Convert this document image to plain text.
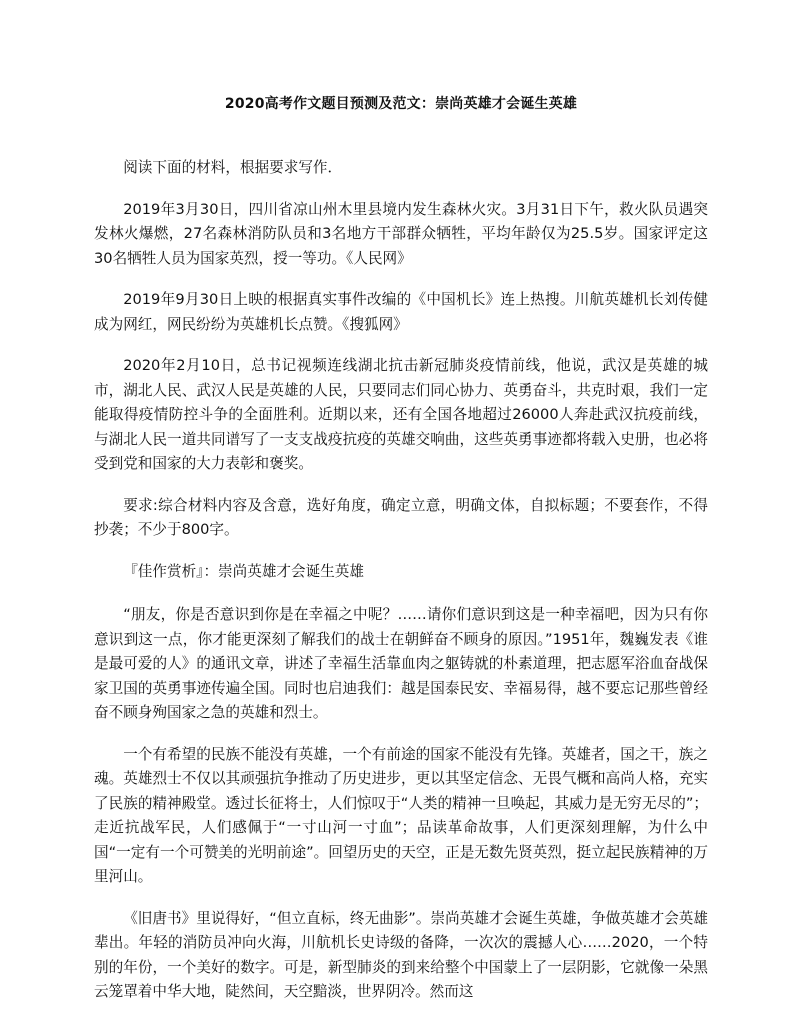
2020高考作文题目预测及范文：崇尚英雄才会诞生英雄

阅读下面的材料，根据要求写作．

2019年3月30日，四川省凉山州木里县境内发生森林火灾。3月31日下午，救火队员遇突发林火爆燃，27名森林消防队员和3名地方干部群众牺牲，平均年龄仅为25.5岁。国家评定这30名牺牲人员为国家英烈，授一等功。《人民网》

2019年9月30日上映的根据真实事件改编的《中国机长》连上热搜。川航英雄机长刘传健成为网红，网民纷纷为英雄机长点赞。《搜狐网》

2020年2月10日，总书记视频连线湖北抗击新冠肺炎疫情前线，他说，武汉是英雄的城市，湖北人民、武汉人民是英雄的人民，只要同志们同心协力、英勇奋斗，共克时艰，我们一定能取得疫情防控斗争的全面胜利。近期以来，还有全国各地超过26000人奔赴武汉抗疫前线，与湖北人民一道共同谱写了一支支战疫抗疫的英雄交响曲，这些英勇事迹都将载入史册，也必将受到党和国家的大力表彰和褒奖。

要求:综合材料内容及含意，选好角度，确定立意，明确文体，自拟标题；不要套作，不得抄袭；不少于800字。

『佳作赏析』：崇尚英雄才会诞生英雄

“朋友，你是否意识到你是在幸福之中呢？……请你们意识到这是一种幸福吧，因为只有你意识到这一点，你才能更深刻了解我们的战士在朝鲜奋不顾身的原因。”1951年，魏巍发表《谁是最可爱的人》的通讯文章，讲述了幸福生活靠血肉之躯铸就的朴素道理，把志愿军浴血奋战保家卫国的英勇事迹传遍全国。同时也启迪我们：越是国泰民安、幸福易得，越不要忘记那些曾经奋不顾身殉国家之急的英雄和烈士。

一个有希望的民族不能没有英雄，一个有前途的国家不能没有先锋。英雄者，国之干，族之魂。英雄烈士不仅以其顽强抗争推动了历史进步，更以其坚定信念、无畏气概和高尚人格，充实了民族的精神殿堂。透过长征将士，人们惊叹于“人类的精神一旦唤起，其威力是无穷无尽的”；走近抗战军民，人们感佩于“一寸山河一寸血”；品读革命故事，人们更深刻理解，为什么中国“一定有一个可赞美的光明前途”。回望历史的天空，正是无数先贤英烈，挺立起民族精神的万里河山。

《旧唐书》里说得好，“但立直标，终无曲影”。崇尚英雄才会诞生英雄，争做英雄才会英雄辈出。年轻的消防员冲向火海，川航机长史诗级的备降，一次次的震撼人心……2020，一个特别的年份，一个美好的数字。可是，新型肺炎的到来给整个中国蒙上了一层阴影，它就像一朵黑云笼罩着中华大地，陡然间，天空黯淡，世界阴冷。然而这
